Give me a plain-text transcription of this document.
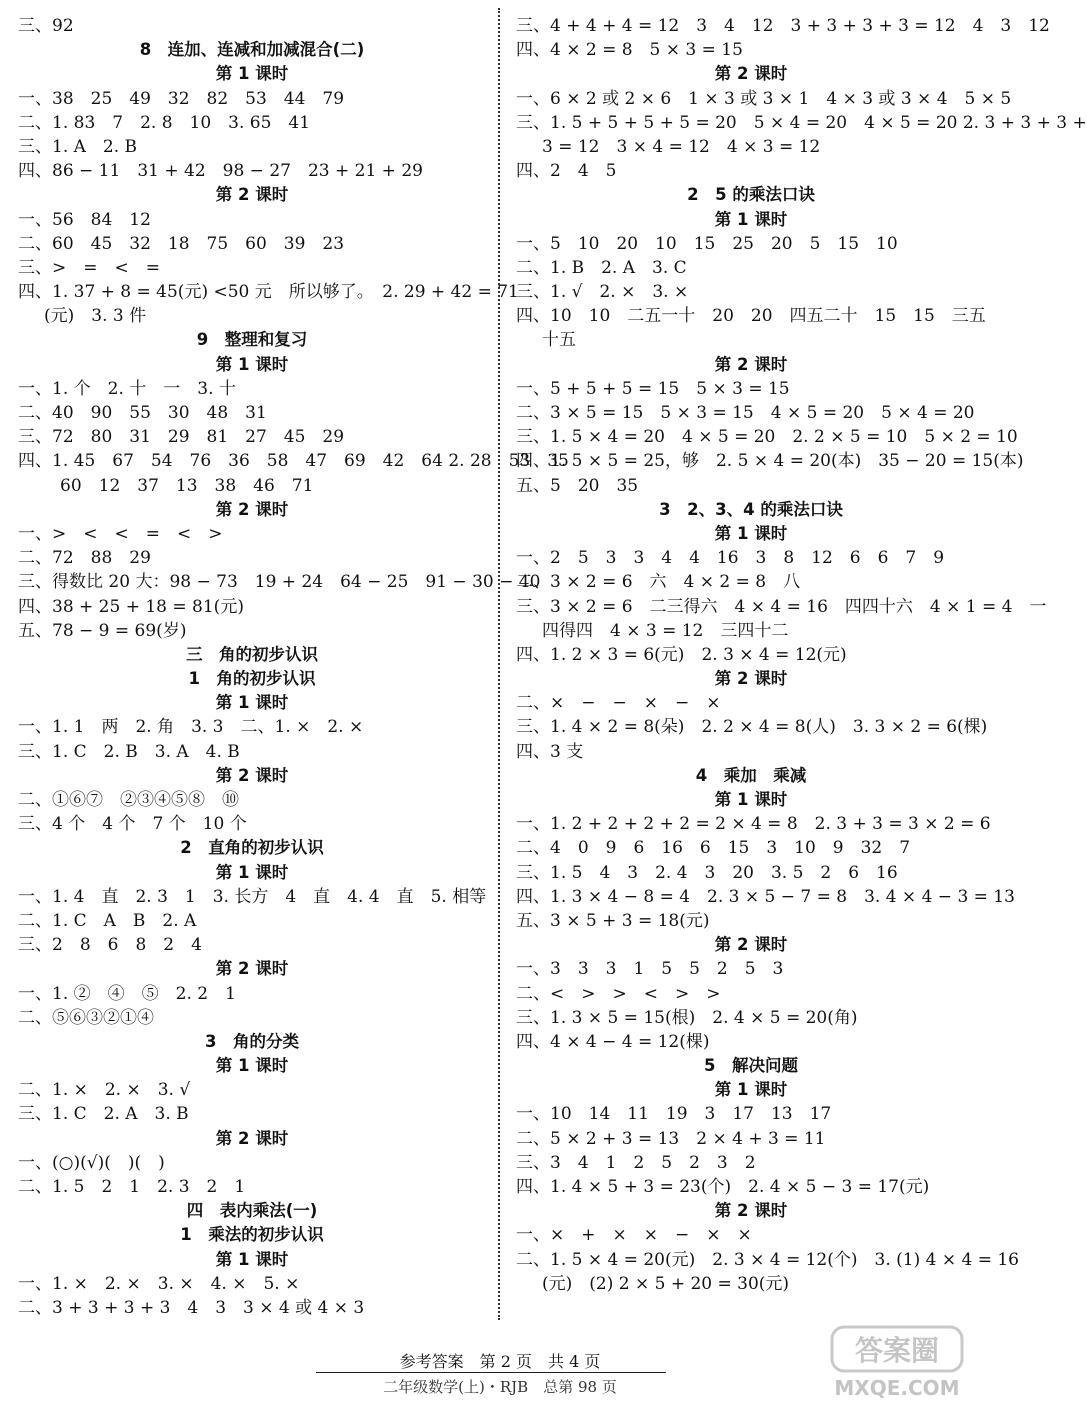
三、92
8　连加、连减和加减混合(二)
第 1 课时
一、38　25　49　32　82　53　44　79
二、1. 83　7　2. 8　10　3. 65　41
三、1. A　2. B
四、86 − 11　31 + 42　98 − 27　23 + 21 + 29
第 2 课时
一、56　84　12
二、60　45　32　18　75　60　39　23
三、>　=　<　=
四、1. 37 + 8 = 45(元) <50 元　所以够了。　2. 29 + 42 = 71
(元)　3. 3 件
9　整理和复习
第 1 课时
一、1. 个　2. 十　一　3. 十
二、40　90　55　30　48　31
三、72　80　31　29　81　27　45　29
四、1. 45　67　54　76　36　58　47　69　42　64 2. 28　53　35
60　12　37　13　38　46　71
第 2 课时
一、>　<　<　=　<　>
二、72　88　29
三、得数比 20 大：98 − 73　19 + 24　64 − 25　91 − 30 − 40
四、38 + 25 + 18 = 81(元)
五、78 − 9 = 69(岁)
三　角的初步认识
1　角的初步认识
第 1 课时
一、1. 1　两　2. 角　3. 3　二、1. ×　2. ×
三、1. C　2. B　3. A　4. B
第 2 课时
二、①⑥⑦　②③④⑤⑧　⑩
三、4 个　4 个　7 个　10 个
2　直角的初步认识
第 1 课时
一、1. 4　直　2. 3　1　3. 长方　4　直　4. 4　直　5. 相等
二、1. C　A　B　2. A
三、2　8　6　8　2　4
第 2 课时
一、1. ②　④　⑤　2. 2　1
二、⑤⑥③②①④
3　角的分类
第 1 课时
二、1. ×　2. ×　3. √
三、1. C　2. A　3. B
第 2 课时
一、(○)(√)(　)(　)
二、1. 5　2　1　2. 3　2　1
四　表内乘法(一)
1　乘法的初步认识
第 1 课时
一、1. ×　2. ×　3. ×　4. ×　5. ×
二、3 + 3 + 3 + 3　4　3　3 × 4 或 4 × 3
三、4 + 4 + 4 = 12　3　4　12　3 + 3 + 3 + 3 = 12　4　3　12
四、4 × 2 = 8　5 × 3 = 15
第 2 课时
一、6 × 2 或 2 × 6　1 × 3 或 3 × 1　4 × 3 或 3 × 4　5 × 5
三、1. 5 + 5 + 5 + 5 = 20　5 × 4 = 20　4 × 5 = 20 2. 3 + 3 + 3 +
3 = 12　3 × 4 = 12　4 × 3 = 12
四、2　4　5
2　5 的乘法口诀
第 1 课时
一、5　10　20　10　15　25　20　5　15　10
二、1. B　2. A　3. C
三、1. √　2. ×　3. ×
四、10　10　二五一十　20　20　四五二十　15　15　三五
十五
第 2 课时
一、5 + 5 + 5 = 15　5 × 3 = 15
二、3 × 5 = 15　5 × 3 = 15　4 × 5 = 20　5 × 4 = 20
三、1. 5 × 4 = 20　4 × 5 = 20　2. 2 × 5 = 10　5 × 2 = 10
四、1. 5 × 5 = 25，够　2. 5 × 4 = 20(本)　35 − 20 = 15(本)
五、5　20　35
3　2、3、4 的乘法口诀
第 1 课时
一、2　5　3　3　4　4　16　3　8　12　6　6　7　9
二、3 × 2 = 6　六　4 × 2 = 8　八
三、3 × 2 = 6　二三得六　4 × 4 = 16　四四十六　4 × 1 = 4　一
四得四　4 × 3 = 12　三四十二
四、1. 2 × 3 = 6(元)　2. 3 × 4 = 12(元)
第 2 课时
二、×　−　−　×　−　×
三、1. 4 × 2 = 8(朵)　2. 2 × 4 = 8(人)　3. 3 × 2 = 6(棵)
四、3 支
4　乘加　乘减
第 1 课时
一、1. 2 + 2 + 2 + 2 = 2 × 4 = 8　2. 3 + 3 = 3 × 2 = 6
二、4　0　9　6　16　6　15　3　10　9　32　7
三、1. 5　4　3　2. 4　3　20　3. 5　2　6　16
四、1. 3 × 4 − 8 = 4　2. 3 × 5 − 7 = 8　3. 4 × 4 − 3 = 13
五、3 × 5 + 3 = 18(元)
第 2 课时
一、3　3　3　1　5　5　2　5　3
二、<　>　>　<　>　>
三、1. 3 × 5 = 15(根)　2. 4 × 5 = 20(角)
四、4 × 4 − 4 = 12(棵)
5　解决问题
第 1 课时
一、10　14　11　19　3　17　13　17
二、5 × 2 + 3 = 13　2 × 4 + 3 = 11
三、3　4　1　2　5　2　3　2
四、1. 4 × 5 + 3 = 23(个)　2. 4 × 5 − 3 = 17(元)
第 2 课时
一、×　+　×　×　−　×　×
二、1. 5 × 4 = 20(元)　2. 3 × 4 = 12(个)　3. (1) 4 × 4 = 16
(元)　(2) 2 × 5 + 20 = 30(元)
参考答案　第 2 页　共 4 页
二年级数学(上)・RJB　总第 98 页
答案圈
MXQE.COM
